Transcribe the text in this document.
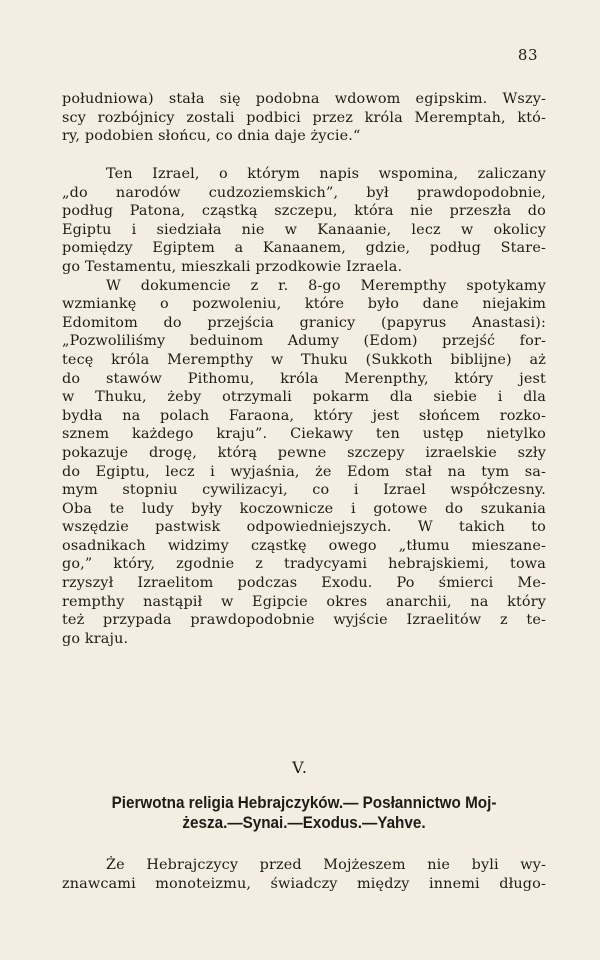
83
południowa) stała się podobna wdowom egipskim. Wszy-
scy rozbójnicy zostali podbici przez króla Meremptah, któ-
ry, podobien słońcu, co dnia daje życie.“
Ten Izrael, o którym napis wspomina, zaliczany
„do narodów cudzoziemskich”, był prawdopodobnie,
podług Patona, cząstką szczepu, która nie przeszła do
Egiptu i siedziała nie w Kanaanie, lecz w okolicy
pomiędzy Egiptem a Kanaanem, gdzie, podług Stare-
go Testamentu, mieszkali przodkowie Izraela.
W dokumencie z r. 8-go Merempthy spotykamy
wzmiankę o pozwoleniu, które było dane niejakim
Edomitom do przejścia granicy (papyrus Anastasi):
„Pozwoliliśmy beduinom Adumy (Edom) przejść for-
tecę króla Merempthy w Thuku (Sukkoth biblijne) aż
do stawów Pithomu, króla Merenpthy, który jest
w Thuku, żeby otrzymali pokarm dla siebie i dla
bydła na polach Faraona, który jest słońcem rozko-
sznem każdego kraju”. Ciekawy ten ustęp nietylko
pokazuje drogę, którą pewne szczepy izraelskie szły
do Egiptu, lecz i wyjaśnia, że Edom stał na tym sa-
mym stopniu cywilizacyi, co i Izrael współczesny.
Oba te ludy były koczownicze i gotowe do szukania
wszędzie pastwisk odpowiedniejszych. W takich to
osadnikach widzimy cząstkę owego „tłumu mieszane-
go,” który, zgodnie z tradycyami hebrajskiemi, towa
rzyszył Izraelitom podczas Exodu. Po śmierci Me-
rempthy nastąpił w Egipcie okres anarchii, na który
też przypada prawdopodobnie wyjście Izraelitów z te-
go kraju.
V.
Pierwotna religia Hebrajczyków.— Posłannictwo Moj-
żesza.—Synai.—Exodus.—Yahve.
Że Hebrajczycy przed Mojżeszem nie byli wy-
znawcami monoteizmu, świadczy między innemi długo-
